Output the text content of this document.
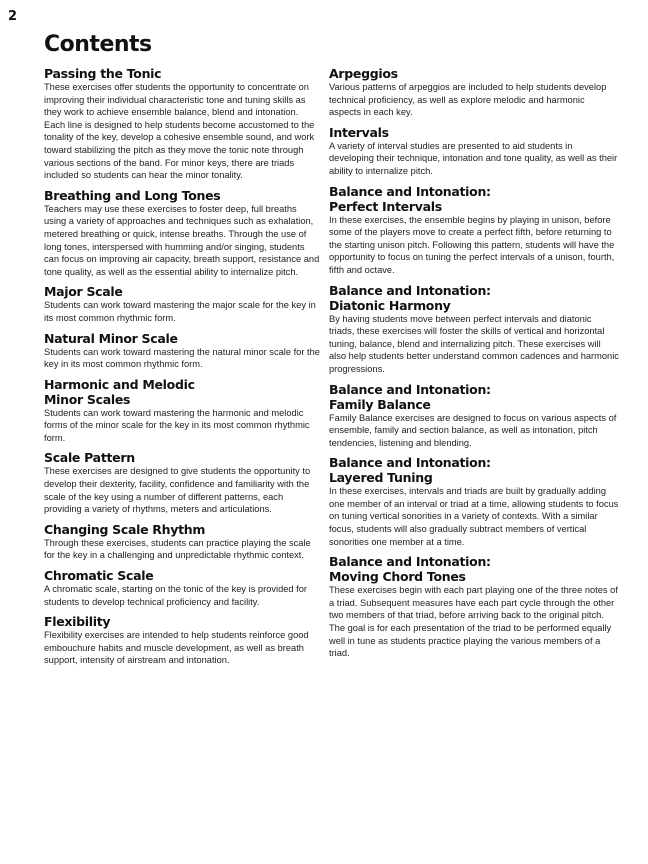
2
Contents
Passing the Tonic

These exercises offer students the opportunity to concentrate on improving their individual characteristic tone and tuning skills as they work to achieve ensemble balance, blend and intonation. Each line is designed to help students become accustomed to the tonality of the key, develop a cohesive ensemble sound, and work toward stabilizing the pitch as they move the tonic note through various sections of the band. For minor keys, there are triads included so students can hear the minor tonality.

Breathing and Long Tones

Teachers may use these exercises to foster deep, full breaths using a variety of approaches and techniques such as exhalation, metered breathing or quick, intense breaths. Through the use of long tones, interspersed with humming and/or singing, students can focus on improving air capacity, breath support, resistance and tone quality, as well as the essential ability to internalize pitch.

Major Scale

Students can work toward mastering the major scale for the key in its most common rhythmic form.

Natural Minor Scale

Students can work toward mastering the natural minor scale for the key in its most common rhythmic form.

Harmonic and Melodic
Minor Scales

Students can work toward mastering the harmonic and melodic forms of the minor scale for the key in its most common rhythmic form.

Scale Pattern

These exercises are designed to give students the opportunity to develop their dexterity, facility, confidence and familiarity with the scale of the key using a number of different patterns, each providing a variety of rhythms, meters and articulations.

Changing Scale Rhythm

Through these exercises, students can practice playing the scale for the key in a challenging and unpredictable rhythmic context.

Chromatic Scale

A chromatic scale, starting on the tonic of the key is provided for students to develop technical proficiency and facility.

Flexibility

Flexibility exercises are intended to help students reinforce good embouchure habits and muscle development, as well as breath support, intensity of airstream and intonation.

Arpeggios

Various patterns of arpeggios are included to help students develop technical proficiency, as well as explore melodic and harmonic aspects in each key.

Intervals

A variety of interval studies are presented to aid students in developing their technique, intonation and tone quality, as well as their ability to internalize pitch.

Balance and Intonation:
Perfect Intervals

In these exercises, the ensemble begins by playing in unison, before some of the players move to create a perfect fifth, before returning to the starting unison pitch. Following this pattern, students will have the opportunity to focus on tuning the perfect intervals of a unison, fourth, fifth and octave.

Balance and Intonation:
Diatonic Harmony

By having students move between perfect intervals and diatonic triads, these exercises will foster the skills of vertical and horizontal tuning, balance, blend and internalizing pitch. These exercises will also help students better understand common cadences and harmonic progressions.

Balance and Intonation:
Family Balance

Family Balance exercises are designed to focus on various aspects of ensemble, family and section balance, as well as intonation, pitch tendencies, listening and blending.

Balance and Intonation:
Layered Tuning

In these exercises, intervals and triads are built by gradually adding one member of an interval or triad at a time, allowing students to focus on tuning vertical sonorities in a variety of contexts. With a similar focus, students will also gradually subtract members of vertical sonorities one member at a time.

Balance and Intonation:
Moving Chord Tones

These exercises begin with each part playing one of the three notes of a triad. Subsequent measures have each part cycle through the other two members of that triad, before arriving back to the original pitch. The goal is for each presentation of the triad to be performed equally well in tune as students practice playing the various members of a triad.
